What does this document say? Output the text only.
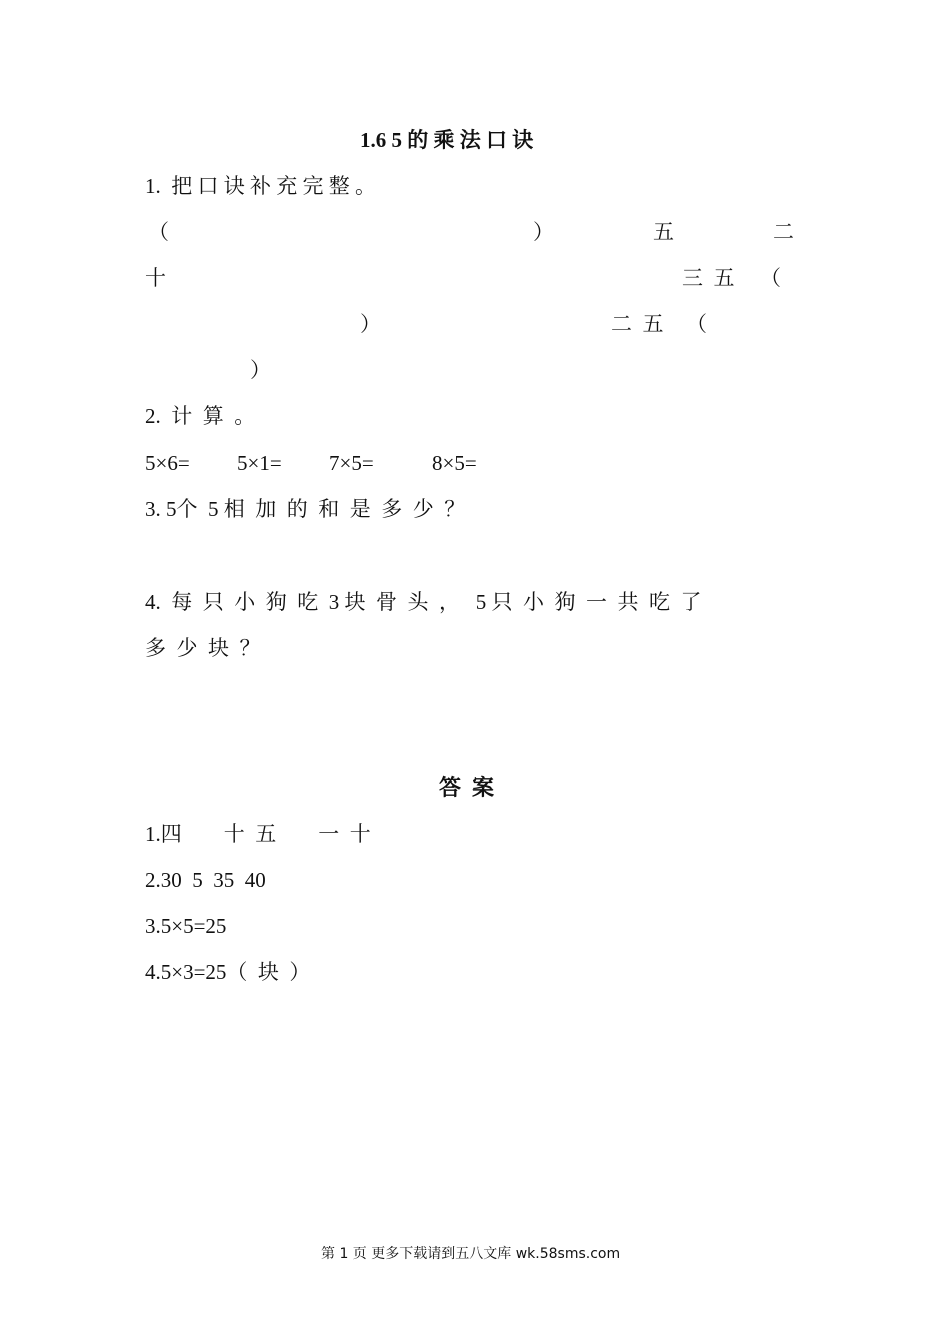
1.6 5 的 乘 法 口 诀
1.  把 口 诀 补 充 完 整 。
（	）	五	二
十	三  五 （
）	二  五 （
）
2.  计  算  。
5×6= 5×1= 7×5=	8×5=
3. 5个  5 相  加  的  和  是  多  少  ？
4.  每  只  小  狗  吃  3 块  骨  头  ，   5 只  小  狗  一  共  吃  了
多  少  块  ？
答  案
1.四        十  五        一  十
2.30  5  35  40
3.5×5=25
4.5×3=25（  块  ）
第 1 页 更多下载请到五八文库 wk.58sms.com
